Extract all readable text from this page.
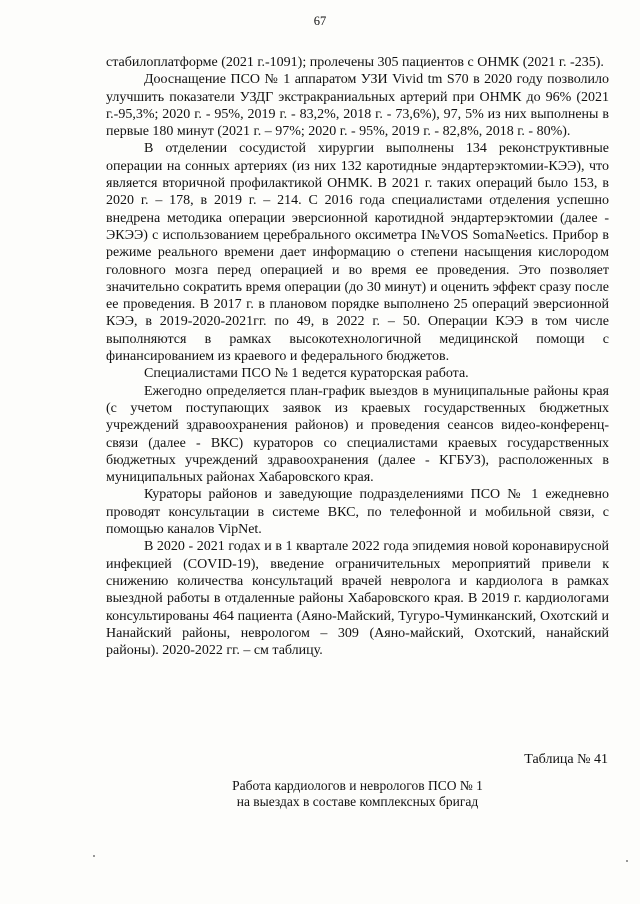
67

стабилоплатформе (2021 г.-1091); пролечены 305 пациентов с ОНМК (2021 г. -235).

Дооснащение ПСО № 1 аппаратом УЗИ Vivid tm S70 в 2020 году позволило улучшить показатели УЗДГ экстракраниальных артерий при ОНМК до 96% (2021 г.-95,3%; 2020 г. - 95%, 2019 г. - 83,2%, 2018 г. - 73,6%), 97, 5% из них выполнены в первые 180 минут (2021 г. – 97%; 2020 г. - 95%, 2019 г. - 82,8%, 2018 г. - 80%).

В отделении сосудистой хирургии выполнены 134 реконструктивные операции на сонных артериях (из них 132 каротидные эндартерэктомии-КЭЭ), что является вторичной профилактикой ОНМК. В 2021 г. таких операций было 153, в 2020 г. – 178, в 2019 г. – 214. С 2016 года специалистами отделения успешно внедрена методика операции эверсионной каротидной эндартерэктомии (далее - ЭКЭЭ) с использованием церебрального оксиметра I№VOS Soma№etics. Прибор в режиме реального времени дает информацию о степени насыщения кислородом головного мозга перед операцией и во время ее проведения. Это позволяет значительно сократить время операции (до 30 минут) и оценить эффект сразу после ее проведения. В 2017 г. в плановом порядке выполнено 25 операций эверсионной КЭЭ, в 2019-2020-2021гг. по 49, в 2022 г. – 50. Операции КЭЭ в том числе выполняются в рамках высокотехнологичной медицинской помощи с финансированием из краевого и федерального бюджетов.

Специалистами ПСО № 1 ведется кураторская работа.

Ежегодно определяется план-график выездов в муниципальные районы края (с учетом поступающих заявок из краевых государственных бюджетных учреждений здравоохранения районов) и проведения сеансов видео-конференц-связи (далее - ВКС) кураторов со специалистами краевых государственных бюджетных учреждений здравоохранения (далее - КГБУЗ), расположенных в муниципальных районах Хабаровского края.

Кураторы районов и заведующие подразделениями ПСО № 1 ежедневно проводят консультации в системе ВКС, по телефонной и мобильной связи, с помощью каналов VipNet.

В 2020 - 2021 годах и в 1 квартале 2022 года эпидемия новой коронавирусной инфекцией (COVID-19), введение ограничительных мероприятий привели к снижению количества консультаций врачей невролога и кардиолога в рамках выездной работы в отдаленные районы Хабаровского края. В 2019 г. кардиологами консультированы 464 пациента (Аяно-Майский, Тугуро-Чуминканский, Охотский и Нанайский районы, неврологом – 309 (Аяно-майский, Охотский, нанайский районы). 2020-2022 гг. – см таблицу.

Таблица № 41
Работа кардиологов и неврологов ПСО № 1
на выездах в составе комплексных бригад
